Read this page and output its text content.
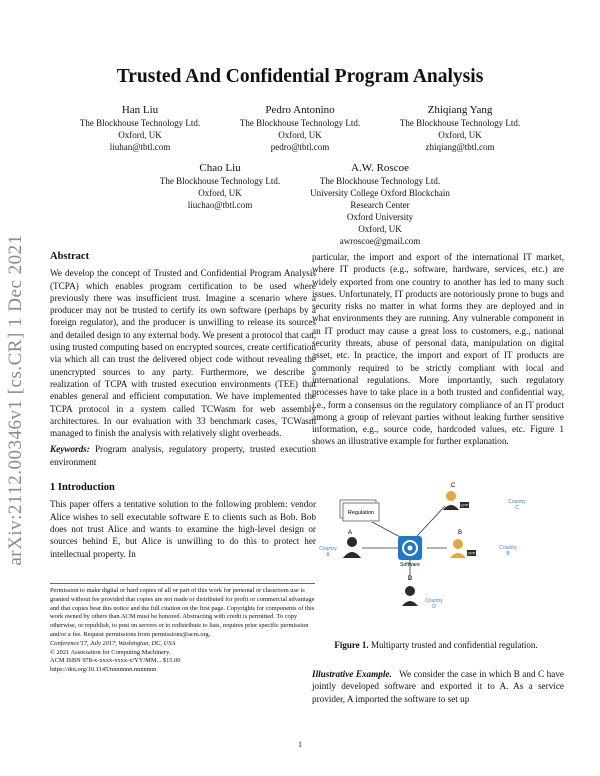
arXiv:2112.00346v1 [cs.CR] 1 Dec 2021
Trusted And Confidential Program Analysis
Han Liu
The Blockhouse Technology Ltd.
Oxford, UK
liuhan@tbtl.com
Pedro Antonino
The Blockhouse Technology Ltd.
Oxford, UK
pedro@tbtl.com
Zhiqiang Yang
The Blockhouse Technology Ltd.
Oxford, UK
zhiqiang@tbtl.com
Chao Liu
The Blockhouse Technology Ltd.
Oxford, UK
liuchao@tbtl.com
A.W. Roscoe
The Blockhouse Technology Ltd.
University College Oxford Blockchain
Research Center
Oxford University
Oxford, UK
awroscoe@gmail.com
Abstract

We develop the concept of Trusted and Confidential Program Analysis (TCPA) which enables program certification to be used where previously there was insufficient trust. Imagine a scenario where a producer may not be trusted to certify its own software (perhaps by a foreign regulator), and the producer is unwilling to release its sources and detailed design to any external body. We present a protocol that can, using trusted computing based on encrypted sources, create certification via which all can trust the delivered object code without revealing the unencrypted sources to any party. Furthermore, we describe a realization of TCPA with trusted execution environments (TEE) that enables general and efficient computation. We have implemented the TCPA protocol in a system called TCWasm for web assembly architectures. In our evaluation with 33 benchmark cases, TCWasm managed to finish the analysis with relatively slight overheads.

Keywords: Program analysis, regulatory property, trusted execution environment

1 Introduction

This paper offers a tentative solution to the following problem: vendor Alice wishes to sell executable software E to clients such as Bob. Bob does not trust Alice and wants to examine the high-level design or sources behind E, but Alice is unwilling to do this to protect her intellectual property. In

Permission to make digital or hard copies of all or part of this work for personal or classroom use is granted without fee provided that copies are not made or distributed for profit or commercial advantage and that copies bear this notice and the full citation on the first page. Copyrights for components of this work owned by others than ACM must be honored. Abstracting with credit is permitted. To copy otherwise, or republish, to post on servers or to redistribute to lists, requires prior specific permission and/or a fee. Request permissions from permissions@acm.org.
Conference'17, July 2017, Washington, DC, USA
© 2021 Association for Computing Machinery.
ACM ISBN 978-x-xxxx-xxxx-x/YY/MM... $15.00
https://doi.org/10.1145/nnnnnnn.nnnnnnn

particular, the import and export of the international IT market, where IT products (e.g., software, hardware, services, etc.) are widely exported from one country to another has led to many such issues. Unfortunately, IT products are notoriously prone to bugs and security risks no matter in what forms they are deployed and in what environments they are running. Any vulnerable component in an IT product may cause a great loss to customers, e.g., national security threats, abuse of personal data, manipulation on digital asset, etc. In practice, the import and export of IT products are commonly required to be strictly compliant with local and international regulations. More importantly, such regulatory processes have to take place in a both trusted and confidential way, i.e., form a consensus on the regulatory compliance of an IT product among a group of relevant parties without leaking further sensitive information, e.g., source code, hardcoded values, etc. Figure 1 shows an illustrative example for further explanation.

Regulation
Software
A
Country
A
C
CPP
Country
C
B
CPP
Country
B
D
Country
D
Figure 1. Multiparty trusted and confidential regulation.

Illustrative Example. We consider the case in which B and C have jointly developed software and exported it to A. As a service provider, A imported the software to set up

1
